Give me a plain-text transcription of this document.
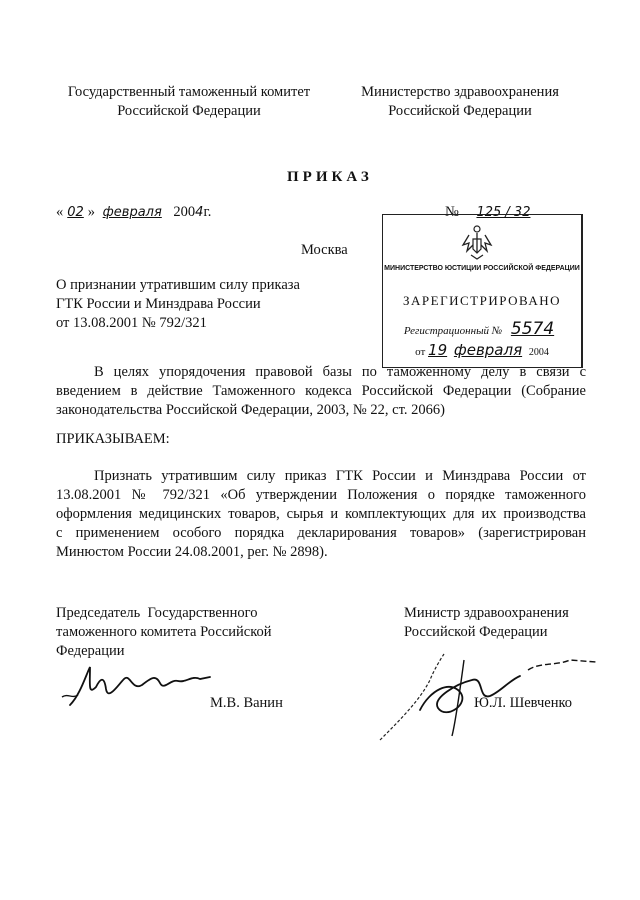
Государственный таможенный комитет
Российской Федерации
Министерство здравоохранения
Российской Федерации
ПРИКАЗ
« 02 » февраля 2004г.	№ 125 / 32
Москва
О признании утратившим силу приказа
ГТК России и Минздрава России
от 13.08.2001 № 792/321
МИНИСТЕРСТВО ЮСТИЦИИ РОССИЙСКОЙ ФЕДЕРАЦИИ
ЗАРЕГИСТРИРОВАНО
Регистрационный № 5574
от 19 февраля 2004
В целях упорядочения правовой базы по таможенному делу в связи с
введением в действие Таможенного кодекса Российской Федерации (Собрание
законодательства Российской Федерации, 2003, № 22, ст. 2066)
ПРИКАЗЫВАЕМ:
Признать утратившим силу приказ ГТК России и Минздрава России от
13.08.2001 № 792/321 «Об утверждении Положения о порядке таможенного
оформления медицинских товаров, сырья и комплектующих для их производства
с применением особого порядка декларирования товаров» (зарегистрирован
Минюстом России 24.08.2001, рег. № 2898).
Председатель  Государственного
таможенного комитета Российской
Федерации
М.В. Ванин
Министр здравоохранения
Российской Федерации
Ю.Л. Шевченко
